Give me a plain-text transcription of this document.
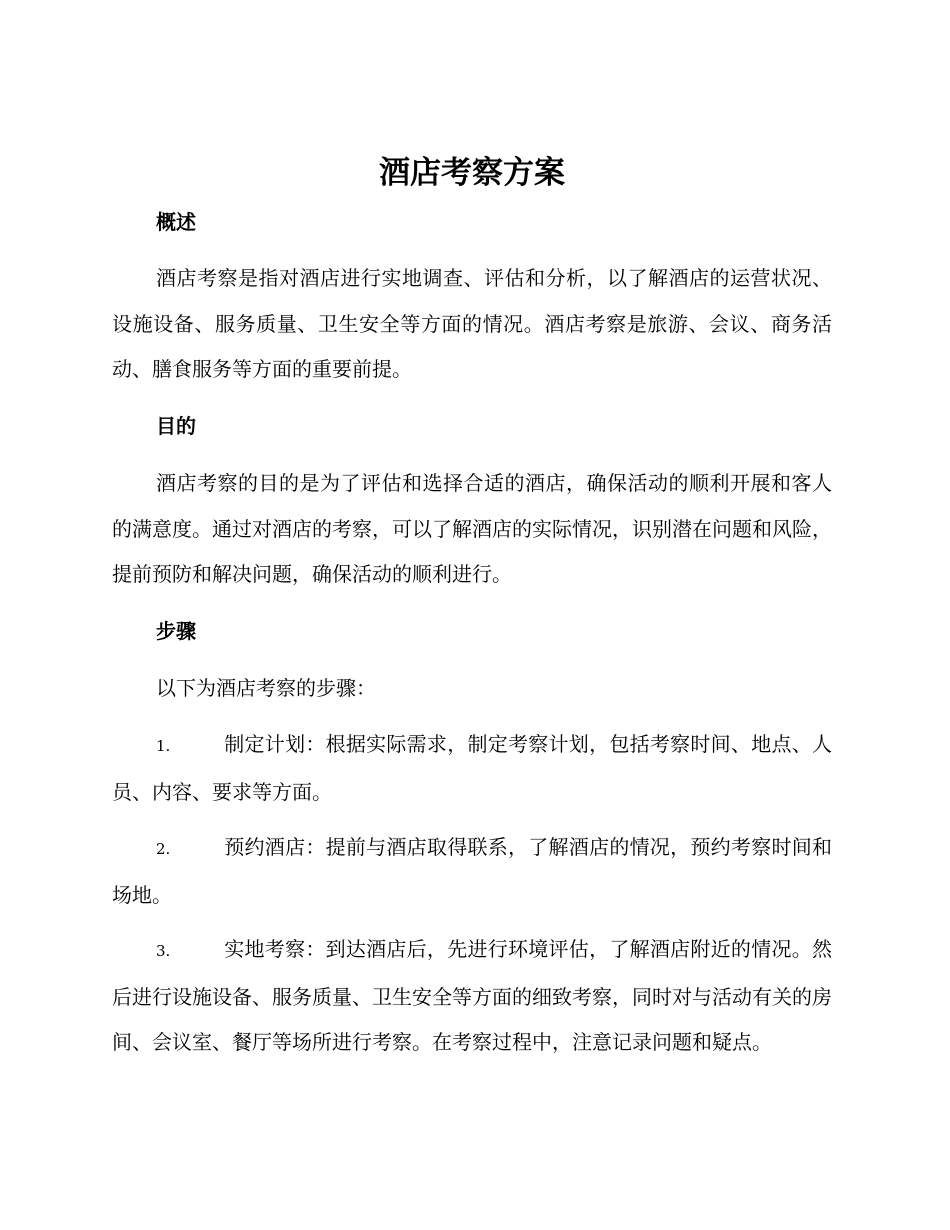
酒店考察方案
概述

酒店考察是指对酒店进行实地调查、评估和分析，以了解酒店的运营状况、设施设备、服务质量、卫生安全等方面的情况。酒店考察是旅游、会议、商务活动、膳食服务等方面的重要前提。

目的

酒店考察的目的是为了评估和选择合适的酒店，确保活动的顺利开展和客人的满意度。通过对酒店的考察，可以了解酒店的实际情况，识别潜在问题和风险，提前预防和解决问题，确保活动的顺利进行。

步骤

以下为酒店考察的步骤：

1.	制定计划：根据实际需求，制定考察计划，包括考察时间、地点、人员、内容、要求等方面。

2.	预约酒店：提前与酒店取得联系，了解酒店的情况，预约考察时间和场地。

3.	实地考察：到达酒店后，先进行环境评估，了解酒店附近的情况。然后进行设施设备、服务质量、卫生安全等方面的细致考察，同时对与活动有关的房间、会议室、餐厅等场所进行考察。在考察过程中，注意记录问题和疑点。
